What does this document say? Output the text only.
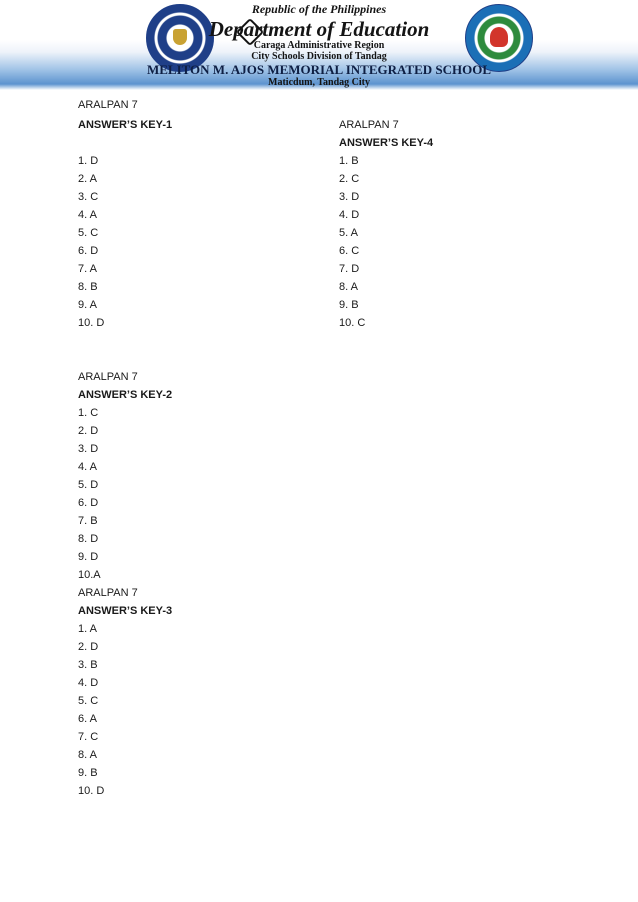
Republic of the Philippines
Department of Education
Caraga Administrative Region
City Schools Division of Tandag
MELITON M. AJOS MEMORIAL INTEGRATED SCHOOL
Maticdum, Tandag City
ARALPAN 7
ANSWER’S KEY-1
1. D
2. A
3. C
4. A
5. C
6. D
7. A
8. B
9. A
10. D
ARALPAN 7
ANSWER’S KEY-4
1. B
2. C
3. D
4. D
5. A
6. C
7. D
8. A
9. B
10. C
ARALPAN 7
ANSWER’S KEY-2
1. C
2. D
3. D
4. A
5. D
6. D
7. B
8. D
9. D
10.A
ARALPAN 7
ANSWER’S KEY-3
1. A
2. D
3. B
4. D
5. C
6. A
7. C
8. A
9. B
10. D
